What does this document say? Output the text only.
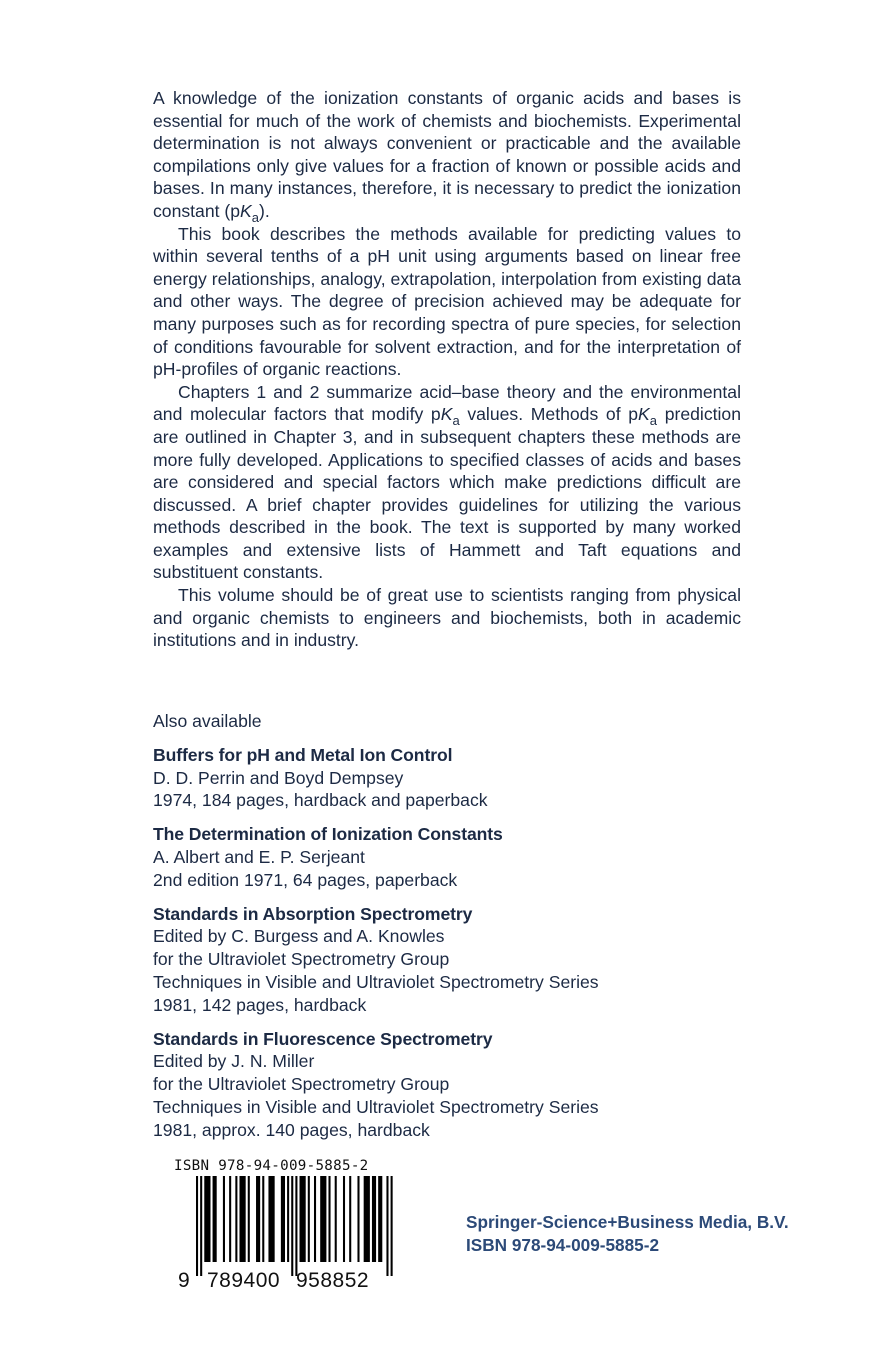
A knowledge of the ionization constants of organic acids and bases is essential for much of the work of chemists and biochemists. Experimental determination is not always convenient or practicable and the available compilations only give values for a fraction of known or possible acids and bases. In many instances, therefore, it is necessary to predict the ionization constant $(pK_a)$.

This book describes the methods available for predicting values to within several tenths of a pH unit using arguments based on linear free energy relationships, analogy, extrapolation, interpolation from existing data and other ways. The degree of precision achieved may be adequate for many purposes such as for recording spectra of pure species, for selection of conditions favourable for solvent extraction, and for the interpretation of pH-profiles of organic reactions.

Chapters 1 and 2 summarize acid–base theory and the environmental and molecular factors that modify $pK_a$ values. Methods of $pK_a$ prediction are outlined in Chapter 3, and in subsequent chapters these methods are more fully developed. Applications to specified classes of acids and bases are considered and special factors which make predictions difficult are discussed. A brief chapter provides guidelines for utilizing the various methods described in the book. The text is supported by many worked examples and extensive lists of Hammett and Taft equations and substituent constants.

This volume should be of great use to scientists ranging from physical and organic chemists to engineers and biochemists, both in academic institutions and in industry.

Also available
Buffers for pH and Metal Ion Control
D. D. Perrin and Boyd Dempsey
1974, 184 pages, hardback and paperback
The Determination of Ionization Constants
A. Albert and E. P. Serjeant
2nd edition 1971, 64 pages, paperback
Standards in Absorption Spectrometry
Edited by C. Burgess and A. Knowles
for the Ultraviolet Spectrometry Group
Techniques in Visible and Ultraviolet Spectrometry Series
1981, 142 pages, hardback
Standards in Fluorescence Spectrometry
Edited by J. N. Miller
for the Ultraviolet Spectrometry Group
Techniques in Visible and Ultraviolet Spectrometry Series
1981, approx. 140 pages, hardback
ISBN 978-94-009-5885-2
9 789400 958852
Springer-Science+Business Media, B.V.
ISBN 978-94-009-5885-2
